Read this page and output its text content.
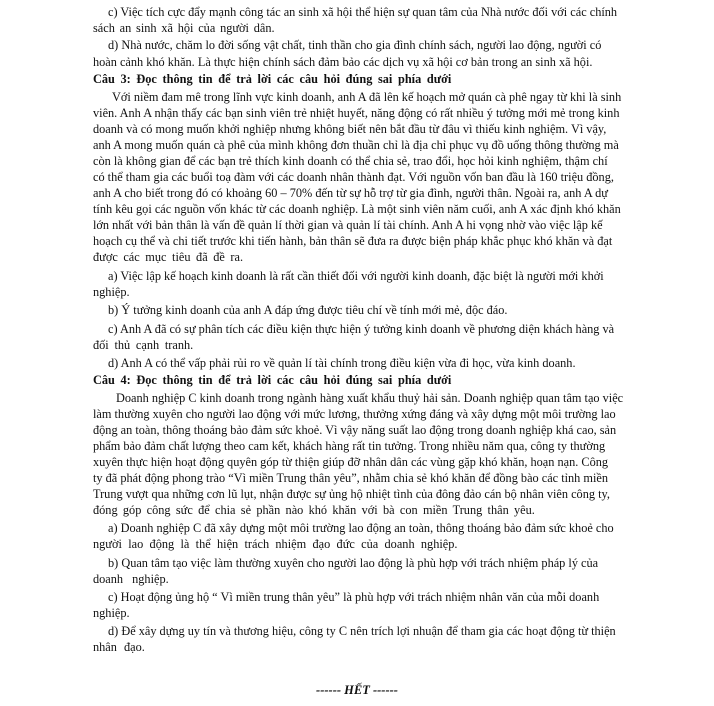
------ HẾT ------
c) Việc tích cực đẩy mạnh công tác an sinh xã hội thể hiện sự quan tâm của Nhà nước đối với các chính
sách an sinh xã hội của người dân.
d) Nhà nước, chăm lo đời sống vật chất, tinh thần cho gia đình chính sách, người lao động, người có
hoàn cảnh khó khăn. Là thực hiện chính sách đảm bảo các dịch vụ xã hội cơ bản trong an sinh xã hội.
Câu 3: Đọc thông tin để trả lời các câu hỏi đúng sai phía dưới
Với niềm đam mê trong lĩnh vực kinh doanh, anh A đã lên kế hoạch mở quán cà phê ngay từ khi là sinh
viên. Anh A nhận thấy các bạn sinh viên trẻ nhiệt huyết, năng động có rất nhiều ý tưởng mới mẻ trong kinh
doanh và có mong muốn khởi nghiệp nhưng không biết nên bắt đầu từ đâu vì thiếu kinh nghiệm. Vì vậy,
anh A mong muốn quán cà phê của mình không đơn thuần chỉ là địa chỉ phục vụ đồ uống thông thường mà
còn là không gian để các bạn trẻ thích kinh doanh có thể chia sẻ, trao đổi, học hỏi kinh nghiệm, thậm chí
có thể tham gia các buổi toạ đàm với các doanh nhân thành đạt. Với nguồn vốn ban đầu là 160 triệu đồng,
anh A cho biết trong đó có khoảng 60 – 70% đến từ sự hỗ trợ từ gia đình, người thân. Ngoài ra, anh A dự
tính kêu gọi các nguồn vốn khác từ các doanh nghiệp. Là một sinh viên năm cuối, anh A xác định khó khăn
lớn nhất với bản thân là vấn đề quản lí thời gian và quản lí tài chính. Anh A hi vọng nhờ vào việc lập kế
hoạch cụ thể và chi tiết trước khi tiến hành, bản thân sẽ đưa ra được biện pháp khắc phục khó khăn và đạt
được các mục tiêu đã đề ra.
a) Việc lập kế hoạch kinh doanh là rất cần thiết đối với người kinh doanh, đặc biệt là người mới khởi
nghiệp.
b) Ý tưởng kinh doanh của anh A đáp ứng được tiêu chí về tính mới mẻ, độc đáo.
c) Anh A đã có sự phân tích các điều kiện thực hiện ý tưởng kinh doanh về phương diện khách hàng và
đối thủ cạnh tranh.
d) Anh A có thể vấp phải rủi ro về quản lí tài chính trong điều kiện vừa đi học, vừa kinh doanh.
Câu 4: Đọc thông tin để trả lời các câu hỏi đúng sai phía dưới
Doanh nghiệp C kinh doanh trong ngành hàng xuất khẩu thuỷ hải sản. Doanh nghiệp quan tâm tạo việc
làm thường xuyên cho người lao động với mức lương, thưởng xứng đáng và xây dựng một môi trường lao
động an toàn, thông thoáng bảo đảm sức khoẻ. Vì vậy năng suất lao động trong doanh nghiệp khá cao, sản
phẩm bảo đảm chất lượng theo cam kết, khách hàng rất tin tưởng. Trong nhiều năm qua, công ty thường
xuyên thực hiện hoạt động quyên góp từ thiện giúp đỡ nhân dân các vùng gặp khó khăn, hoạn nạn. Công
ty đã phát động phong trào “Vì miền Trung thân yêu”, nhằm chia sẻ khó khăn để đồng bào các tỉnh miền
Trung vượt qua những cơn lũ lụt, nhận được sự ủng hộ nhiệt tình của đông đảo cán bộ nhân viên công ty,
đóng góp công sức để chia sẻ phần nào khó khăn với bà con miền Trung thân yêu.
a) Doanh nghiệp C đã xây dựng một môi trường lao động an toàn, thông thoáng bảo đảm sức khoẻ cho
người lao động là thể hiện trách nhiệm đạo đức của doanh nghiệp.
b) Quan tâm tạo việc làm thường xuyên cho người lao động là phù hợp với trách nhiệm pháp lý của
doanh nghiệp.
c) Hoạt động ủng hộ “ Vì miền trung thân yêu” là phù hợp với trách nhiệm nhân văn của mỗi doanh
nghiệp.
d) Để xây dựng uy tín và thương hiệu, công ty C nên trích lợi nhuận để tham gia các hoạt động từ thiện
nhân đạo.
